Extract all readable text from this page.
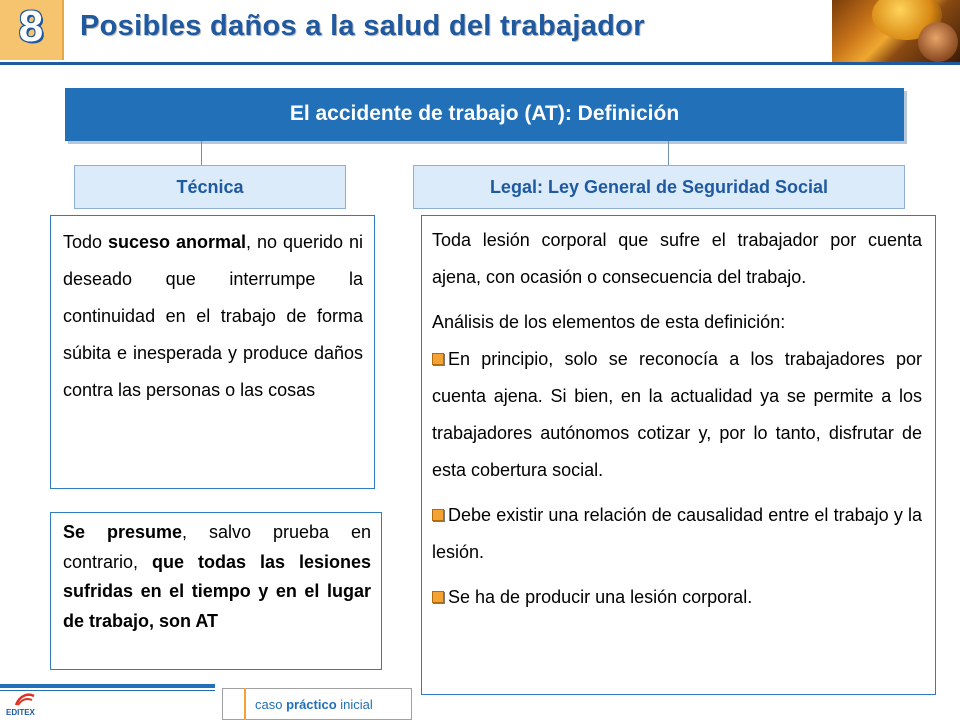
8	Posibles daños a la salud del trabajador
El accidente de trabajo (AT): Definición
Técnica	Legal: Ley General de Seguridad Social
Todo suceso anormal, no querido ni deseado que interrumpe la continuidad en el trabajo de forma súbita e inesperada y produce daños contra las personas o las cosas
Se presume, salvo prueba en contrario, que todas las lesiones sufridas en el tiempo y en el lugar de trabajo, son AT

Toda lesión corporal que sufre el trabajador por cuenta ajena, con ocasión o consecuencia del trabajo.

Análisis de los elementos de esta definición:

En principio, solo se reconocía a los trabajadores por cuenta ajena. Si bien, en la actualidad ya se permite a los trabajadores autónomos cotizar y, por lo tanto, disfrutar de esta cobertura social.

Debe existir una relación de causalidad entre el trabajo y la lesión.

Se ha de producir una lesión corporal.

EDITEX
caso práctico inicial
